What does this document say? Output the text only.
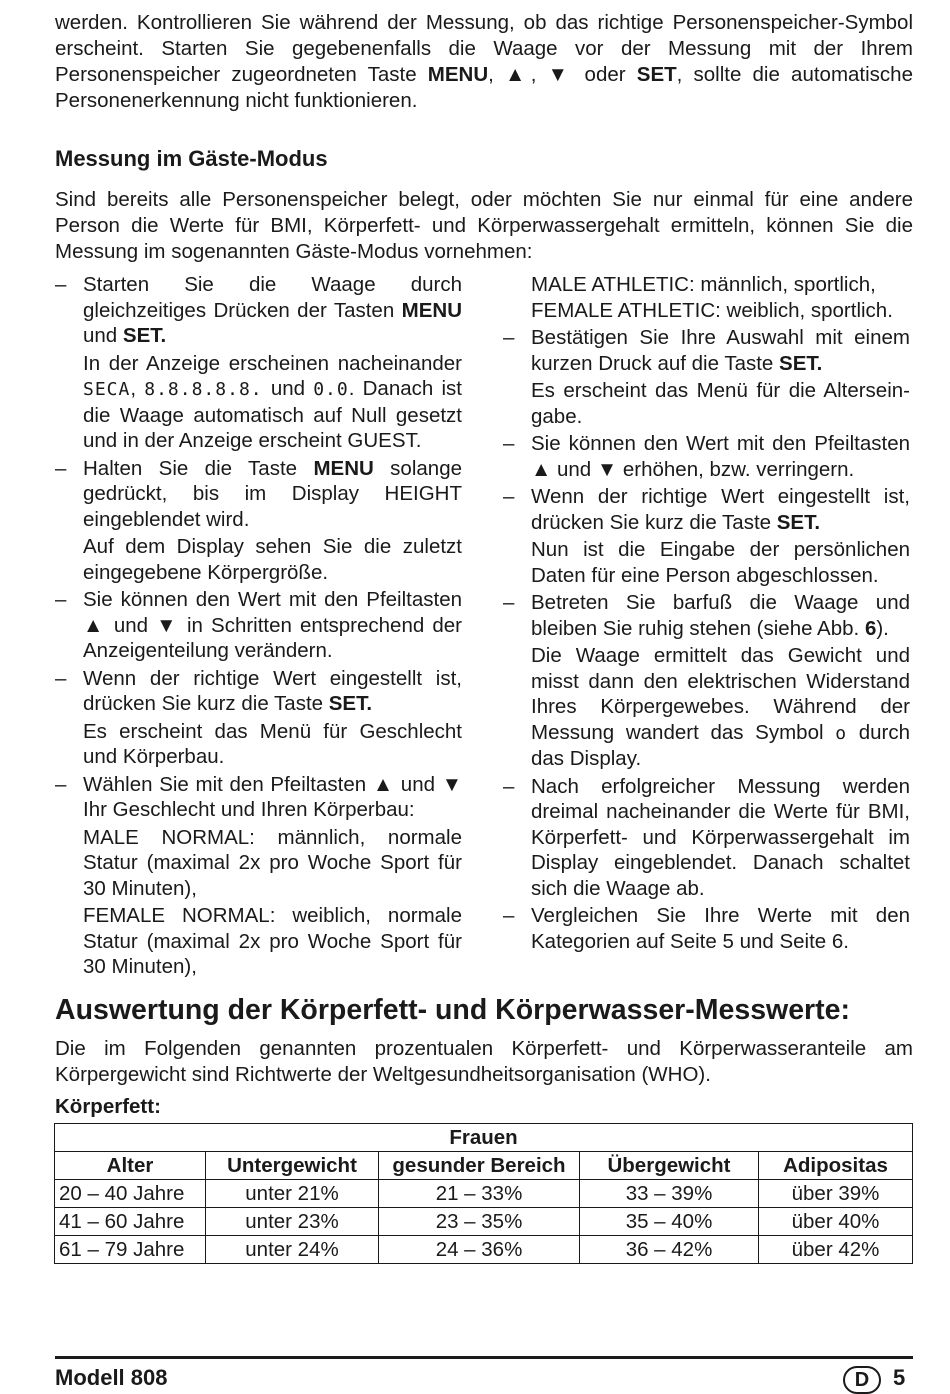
werden. Kontrollieren Sie während der Messung, ob das richtige Personenspeicher-Symbol erscheint. Starten Sie gegebenenfalls die Waage vor der Messung mit der Ihrem Personenspeicher zugeordneten Taste MENU, ▲, ▼ oder SET, sollte die automatische Personenerkennung nicht funktionieren.

Messung im Gäste-Modus

Sind bereits alle Personenspeicher belegt, oder möchten Sie nur einmal für eine andere Person die Werte für BMI, Körperfett- und Körperwassergehalt ermitteln, können Sie die Messung im sogenannten Gäste-Modus vornehmen:

– Starten Sie die Waage durch gleichzeitiges Drücken der Tasten MENU und SET.
In der Anzeige erscheinen nacheinander SECA, 8.8.8.8.8. und 0.0. Danach ist die Waage automatisch auf Null gesetzt und in der Anzeige erscheint GUEST.
– Halten Sie die Taste MENU solange gedrückt, bis im Display HEIGHT eingeblendet wird.
Auf dem Display sehen Sie die zuletzt eingegebene Körpergröße.
– Sie können den Wert mit den Pfeiltasten ▲ und ▼ in Schritten entsprechend der Anzeigenteilung verändern.
– Wenn der richtige Wert eingestellt ist, drücken Sie kurz die Taste SET.
Es erscheint das Menü für Geschlecht und Körperbau.
– Wählen Sie mit den Pfeiltasten ▲ und ▼ Ihr Geschlecht und Ihren Körperbau:
MALE NORMAL: männlich, normale Statur (maximal 2x pro Woche Sport für 30 Minuten),
FEMALE NORMAL: weiblich, normale Statur (maximal 2x pro Woche Sport für 30 Minuten),
MALE ATHLETIC: männlich, sportlich,
FEMALE ATHLETIC: weiblich, sportlich.
– Bestätigen Sie Ihre Auswahl mit einem kurzen Druck auf die Taste SET.
Es erscheint das Menü für die Alterseingabe.
– Sie können den Wert mit den Pfeiltasten ▲ und ▼ erhöhen, bzw. verringern.
– Wenn der richtige Wert eingestellt ist, drücken Sie kurz die Taste SET.
Nun ist die Eingabe der persönlichen Daten für eine Person abgeschlossen.
– Betreten Sie barfuß die Waage und bleiben Sie ruhig stehen (siehe Abb. 6).
Die Waage ermittelt das Gewicht und misst dann den elektrischen Widerstand Ihres Körpergewebes. Während der Messung wandert das Symbol o durch das Display.
– Nach erfolgreicher Messung werden dreimal nacheinander die Werte für BMI, Körperfett- und Körperwassergehalt im Display eingeblendet. Danach schaltet sich die Waage ab.
– Vergleichen Sie Ihre Werte mit den Kategorien auf Seite 5 und Seite 6.
Auswertung der Körperfett- und Körperwasser-Messwerte:

Die im Folgenden genannten prozentualen Körperfett- und Körperwasseranteile am Körpergewicht sind Richtwerte der Weltgesundheitsorganisation (WHO).

Körperfett:
Frauen				
Alter	Untergewicht	gesunder Bereich	Übergewicht	Adipositas
20 – 40 Jahre	unter 21%	21 – 33%	33 – 39%	über 39%
41 – 60 Jahre	unter 23%	23 – 35%	35 – 40%	über 40%
61 – 79 Jahre	unter 24%	24 – 36%	36 – 42%	über 42%
Modell 808	D	5
